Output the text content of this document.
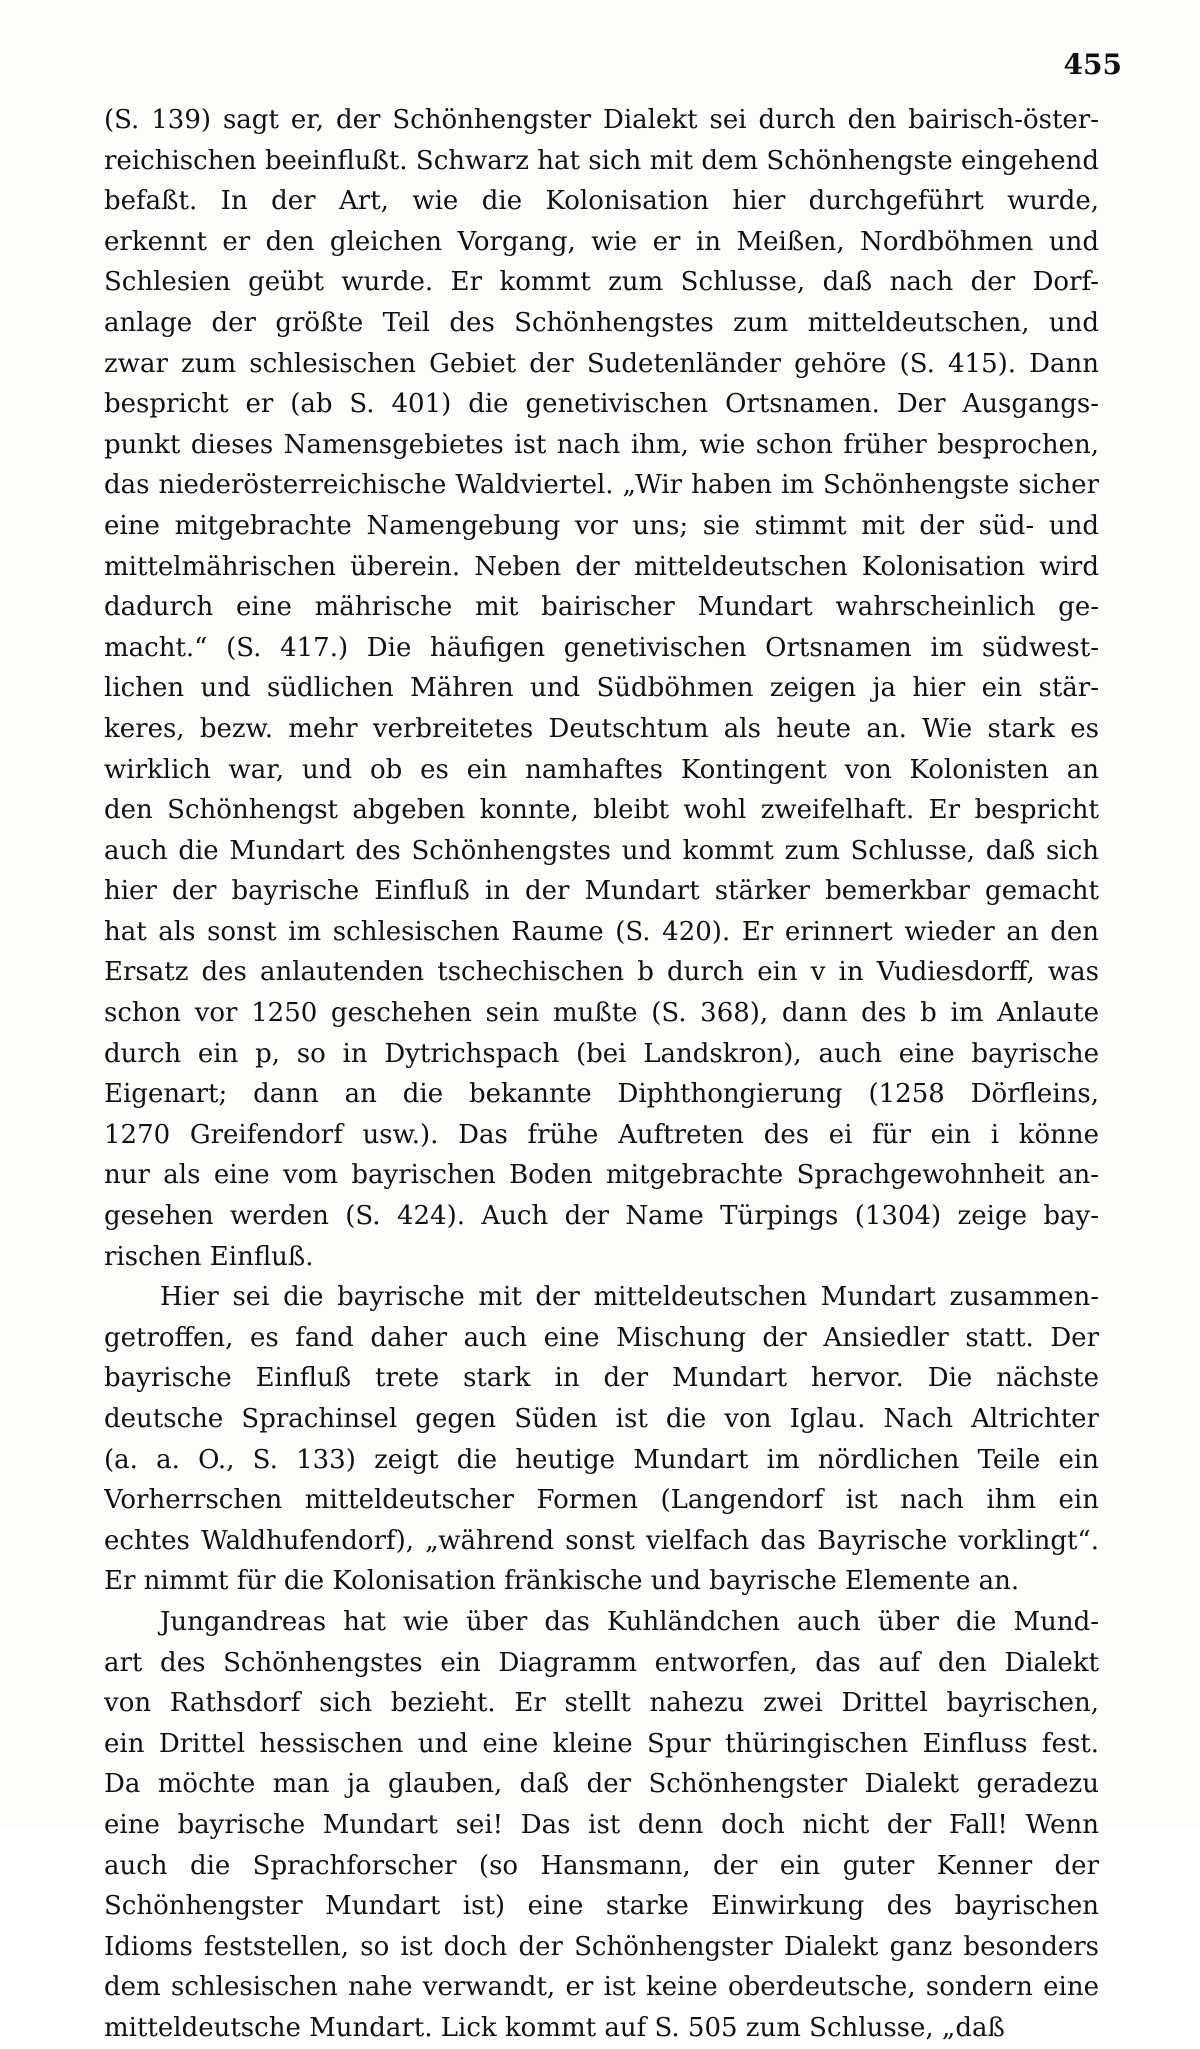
455
(S. 139) sagt er, der Schönhengster Dialekt sei durch den bairisch-öster-
reichischen beeinflußt. Schwarz hat sich mit dem Schönhengste eingehend
befaßt. In der Art, wie die Kolonisation hier durchgeführt wurde,
erkennt er den gleichen Vorgang, wie er in Meißen, Nordböhmen und
Schlesien geübt wurde. Er kommt zum Schlusse, daß nach der Dorf-
anlage der größte Teil des Schönhengstes zum mitteldeutschen, und
zwar zum schlesischen Gebiet der Sudetenländer gehöre (S. 415). Dann
bespricht er (ab S. 401) die genetivischen Ortsnamen. Der Ausgangs-
punkt dieses Namensgebietes ist nach ihm, wie schon früher besprochen,
das niederösterreichische Waldviertel. „Wir haben im Schönhengste sicher
eine mitgebrachte Namengebung vor uns; sie stimmt mit der süd- und
mittelmährischen überein. Neben der mitteldeutschen Kolonisation wird
dadurch eine mährische mit bairischer Mundart wahrscheinlich ge-
macht.“ (S. 417.) Die häufigen genetivischen Ortsnamen im südwest-
lichen und südlichen Mähren und Südböhmen zeigen ja hier ein stär-
keres, bezw. mehr verbreitetes Deutschtum als heute an. Wie stark es
wirklich war, und ob es ein namhaftes Kontingent von Kolonisten an
den Schönhengst abgeben konnte, bleibt wohl zweifelhaft. Er bespricht
auch die Mundart des Schönhengstes und kommt zum Schlusse, daß sich
hier der bayrische Einfluß in der Mundart stärker bemerkbar gemacht
hat als sonst im schlesischen Raume (S. 420). Er erinnert wieder an den
Ersatz des anlautenden tschechischen b durch ein v in Vudiesdorff, was
schon vor 1250 geschehen sein mußte (S. 368), dann des b im Anlaute
durch ein p, so in Dytrichspach (bei Landskron), auch eine bayrische
Eigenart; dann an die bekannte Diphthongierung (1258 Dörfleins,
1270 Greifendorf usw.). Das frühe Auftreten des ei für ein i könne
nur als eine vom bayrischen Boden mitgebrachte Sprachgewohnheit an-
gesehen werden (S. 424). Auch der Name Türpings (1304) zeige bay-
rischen Einfluß.
Hier sei die bayrische mit der mitteldeutschen Mundart zusammen-
getroffen, es fand daher auch eine Mischung der Ansiedler statt. Der
bayrische Einfluß trete stark in der Mundart hervor. Die nächste
deutsche Sprachinsel gegen Süden ist die von Iglau. Nach Altrichter
(a. a. O., S. 133) zeigt die heutige Mundart im nördlichen Teile ein
Vorherrschen mitteldeutscher Formen (Langendorf ist nach ihm ein
echtes Waldhufendorf), „während sonst vielfach das Bayrische vorklingt“.
Er nimmt für die Kolonisation fränkische und bayrische Elemente an.
Jungandreas hat wie über das Kuhländchen auch über die Mund-
art des Schönhengstes ein Diagramm entworfen, das auf den Dialekt
von Rathsdorf sich bezieht. Er stellt nahezu zwei Drittel bayrischen,
ein Drittel hessischen und eine kleine Spur thüringischen Einfluss fest.
Da möchte man ja glauben, daß der Schönhengster Dialekt geradezu
eine bayrische Mundart sei! Das ist denn doch nicht der Fall! Wenn
auch die Sprachforscher (so Hansmann, der ein guter Kenner der
Schönhengster Mundart ist) eine starke Einwirkung des bayrischen
Idioms feststellen, so ist doch der Schönhengster Dialekt ganz besonders
dem schlesischen nahe verwandt, er ist keine oberdeutsche, sondern eine
mitteldeutsche Mundart. Lick kommt auf S. 505 zum Schlusse, „daß
